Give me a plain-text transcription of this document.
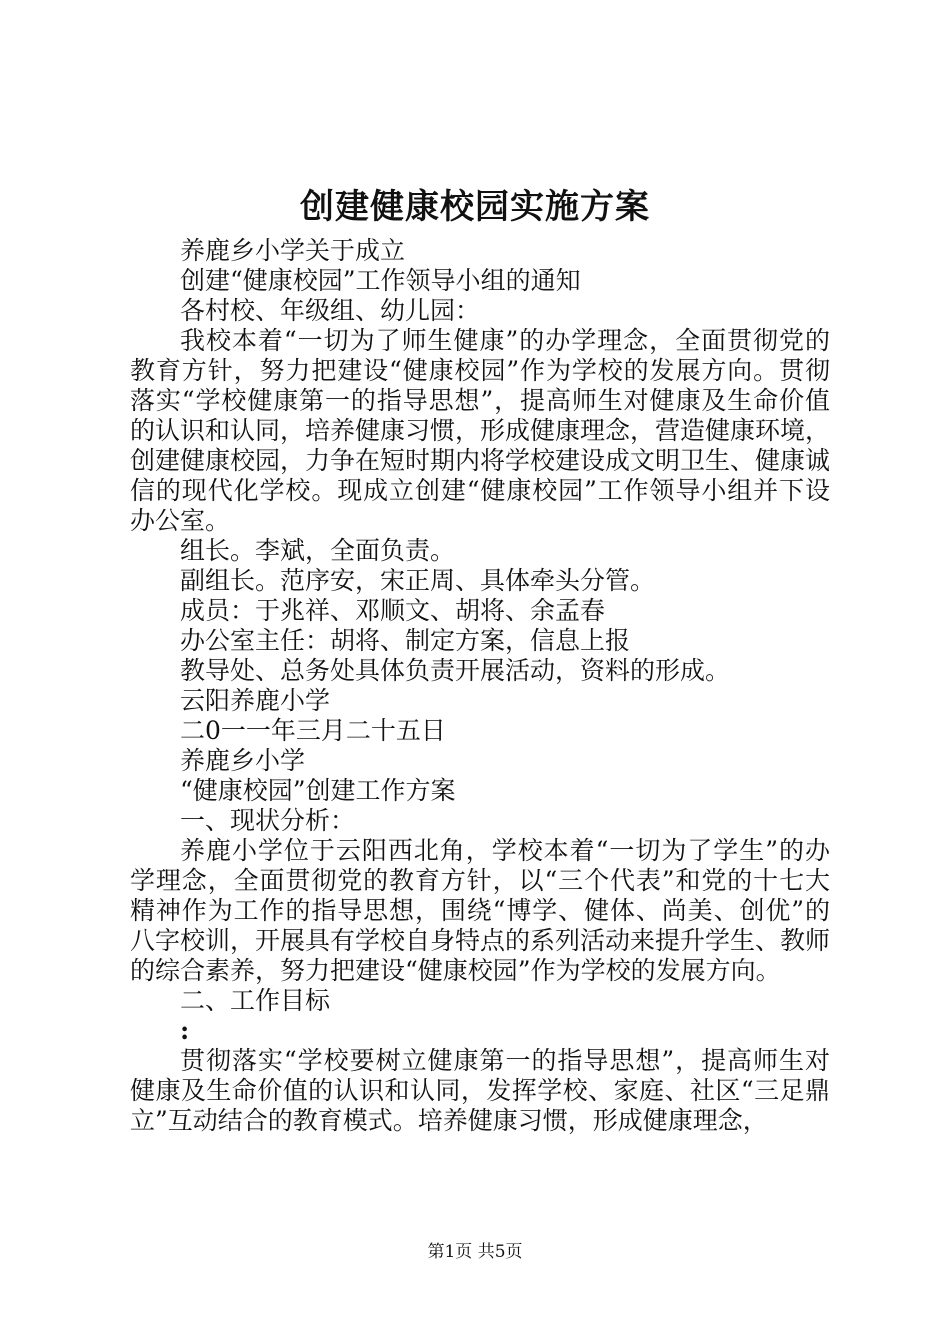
创建健康校园实施方案
养鹿乡小学关于成立
创建“健康校园”工作领导小组的通知
各村校、年级组、幼儿园：

我校本着“一切为了师生健康”的办学理念，全面贯彻党的教育方针，努力把建设“健康校园”作为学校的发展方向。贯彻落实“学校健康第一的指导思想”，提高师生对健康及生命价值的认识和认同，培养健康习惯，形成健康理念，营造健康环境，创建健康校园，力争在短时期内将学校建设成文明卫生、健康诚信的现代化学校。现成立创建“健康校园”工作领导小组并下设办公室。

组长。李斌，全面负责。
副组长。范序安，宋正周、具体牵头分管。
成员：于兆祥、邓顺文、胡将、余孟春
办公室主任：胡将、制定方案，信息上报
教导处、总务处具体负责开展活动，资料的形成。
云阳养鹿小学
二0一一年三月二十五日
养鹿乡小学
“健康校园”创建工作方案
一、现状分析：

养鹿小学位于云阳西北角，学校本着“一切为了学生”的办学理念，全面贯彻党的教育方针，以“三个代表”和党的十七大精神作为工作的指导思想，围绕“博学、健体、尚美、创优”的八字校训，开展具有学校自身特点的系列活动来提升学生、教师的综合素养，努力把建设“健康校园”作为学校的发展方向。

二、工作目标
:

贯彻落实“学校要树立健康第一的指导思想”，提高师生对健康及生命价值的认识和认同，发挥学校、家庭、社区“三足鼎立”互动结合的教育模式。培养健康习惯，形成健康理念，

第1页 共5页
